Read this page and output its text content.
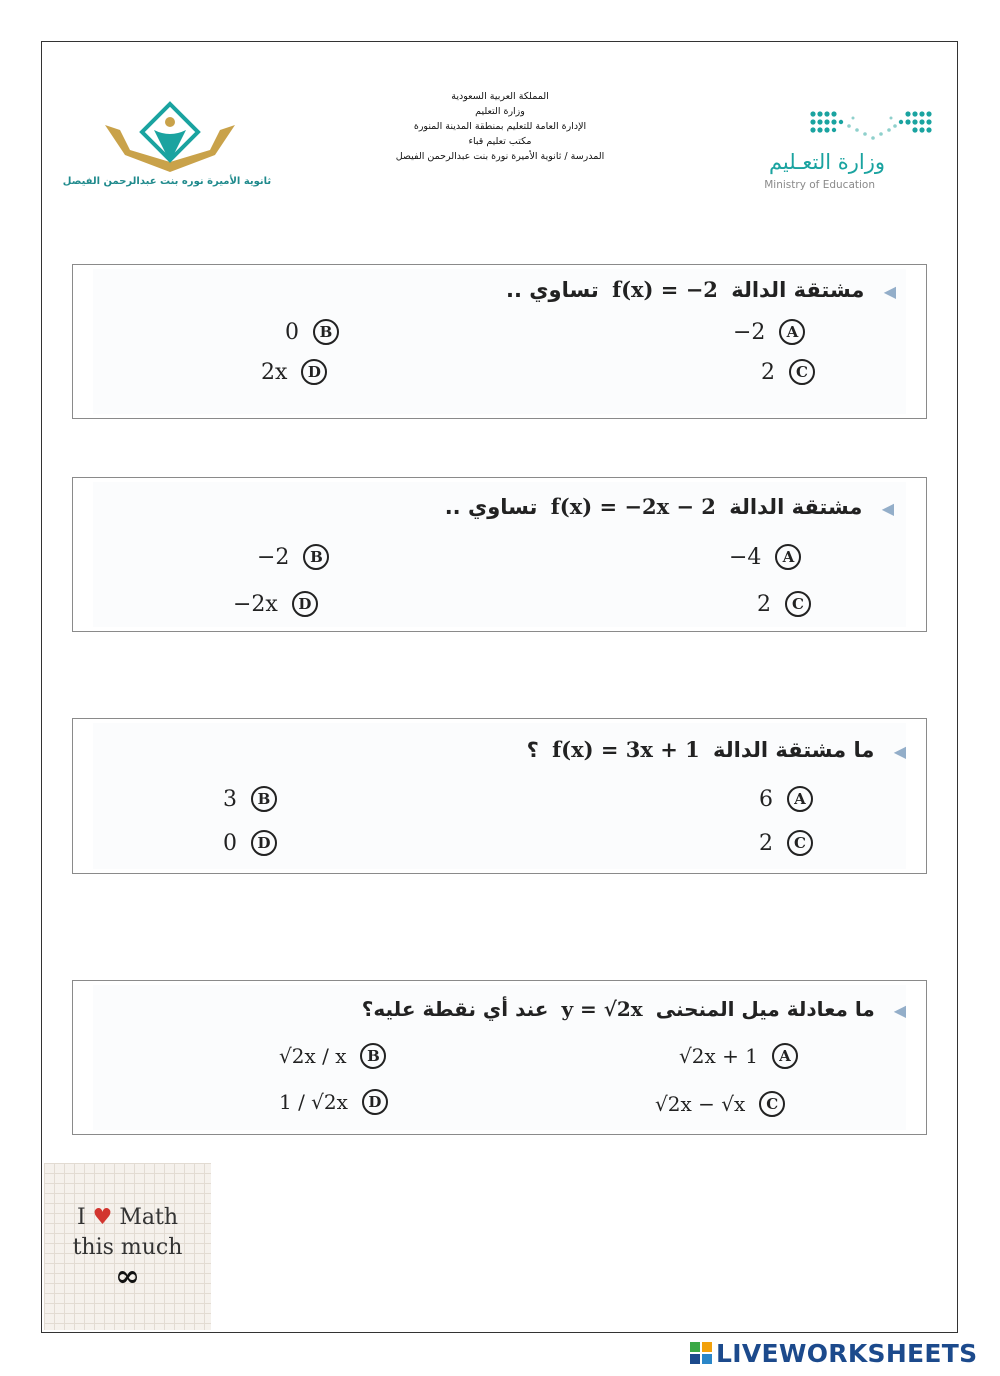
المملكة العربية السعودية
وزارة التعليم
الإدارة العامة للتعليم بمنطقة المدينة المنورة
مكتب تعليم قباء
المدرسة / ثانوية الأميرة نورة بنت عبدالرحمن الفيصل
ثانوية الأميرة نوره بنت عبدالرحمن الفيصل
وزارة التعـليم
Ministry of Education
◀ مشتقة الدالة f(x) = −2 تساوي ..
−2	A
0	B
2	C
2x	D
◀ مشتقة الدالة f(x) = −2x − 2 تساوي ..
−4	A
−2	B
2	C
−2x	D
◀ ما مشتقة الدالة f(x) = 3x + 1 ؟
6	A
3	B
2	C
0	D
◀ ما معادلة ميل المنحنى y = √2x عند أي نقطة عليه؟
√2x + 1	A
√2x / x	B
√2x − √x	C
1 / √2x	D
I ♥ Math
this much
∞
LIVEWORKSHEETS
